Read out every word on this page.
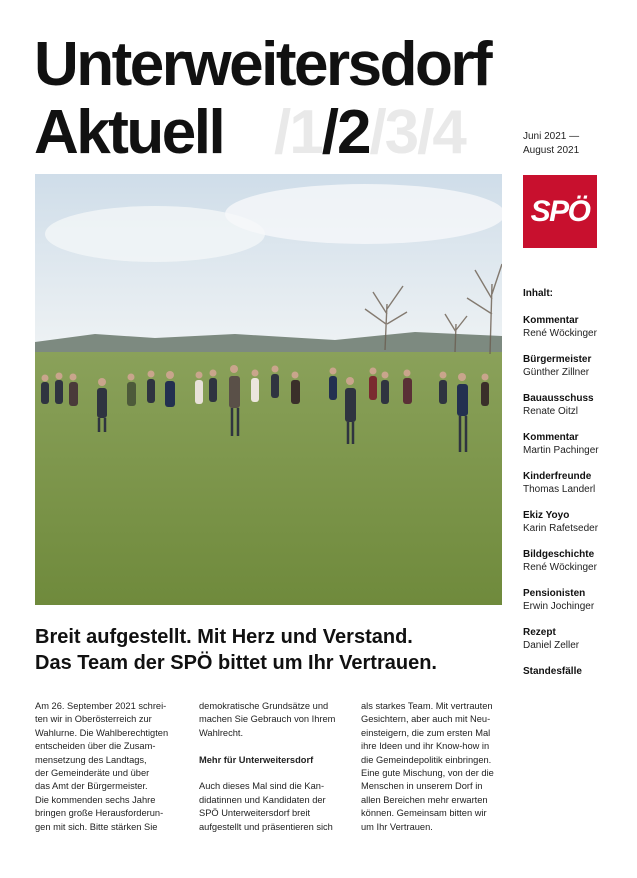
Unterweitersdorf
Aktuell /1/2/3/4	Juni 2021 —
August 2021
SPÖ
Inhalt:
Kommentar
René Wöckinger
Bürgermeister
Günther Zillner
Bauausschuss
Renate Oitzl
Kommentar
Martin Pachinger
Kinderfreunde
Thomas Landerl
Ekiz Yoyo
Karin Rafetseder
Bildgeschichte
René Wöckinger
Pensionisten
Erwin Jochinger
Rezept
Daniel Zeller
Standesfälle
Breit aufgestellt. Mit Herz und Verstand.
Das Team der SPÖ bittet um Ihr Vertrauen.
Am 26. September 2021 schrei-
ten wir in Oberösterreich zur
Wahlurne. Die Wahlberechtigten
entscheiden über die Zusam-
mensetzung des Landtags,
der Gemeinderäte und über
das Amt der Bürgermeister.
Die kommenden sechs Jahre
bringen große Herausforderun-
gen mit sich. Bitte stärken Sie
demokratische Grundsätze und
machen Sie Gebrauch von Ihrem
Wahlrecht.

Mehr für Unterweitersdorf

Auch dieses Mal sind die Kan-
didatinnen und Kandidaten der
SPÖ Unterweitersdorf breit
aufgestellt und präsentieren sich
als starkes Team. Mit vertrauten
Gesichtern, aber auch mit Neu-
einsteigern, die zum ersten Mal
ihre Ideen und ihr Know-how in
die Gemeindepolitik einbringen.
Eine gute Mischung, von der die
Menschen in unserem Dorf in
allen Bereichen mehr erwarten
können. Gemeinsam bitten wir
um Ihr Vertrauen.
